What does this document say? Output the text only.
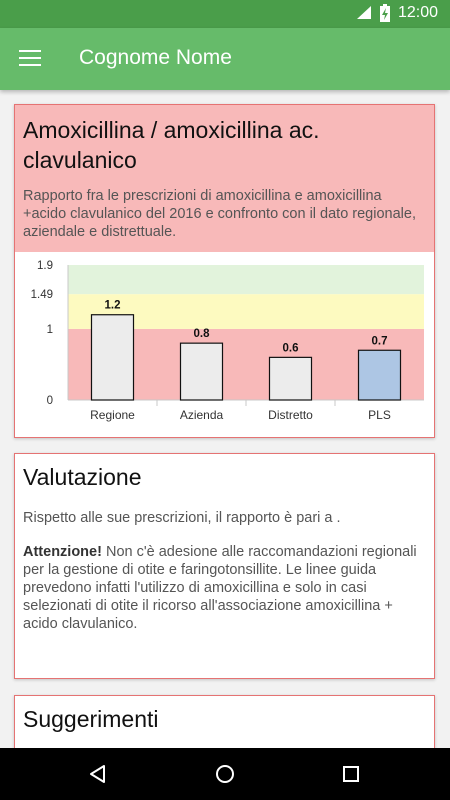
12:00
Cognome Nome
Amoxicillina / amoxicillina ac. clavulanico
Rapporto fra le prescrizioni di amoxicillina e amoxicillina +acido clavulanico del 2016 e confronto con il dato regionale, aziendale e distrettuale.
0
1
1.49
1.9
1.2
Regione
0.8
Azienda
0.6
Distretto
0.7
PLS
Valutazione

Rispetto alle sue prescrizioni, il rapporto è pari a .

Attenzione! Non c'è adesione alle raccomandazioni regionali per la gestione di otite e faringotonsillite. Le linee guida prevedono infatti l'utilizzo di amoxicillina e solo in casi selezionati di otite il ricorso all'associazione amoxicillina + acido clavulanico.

Suggerimenti
